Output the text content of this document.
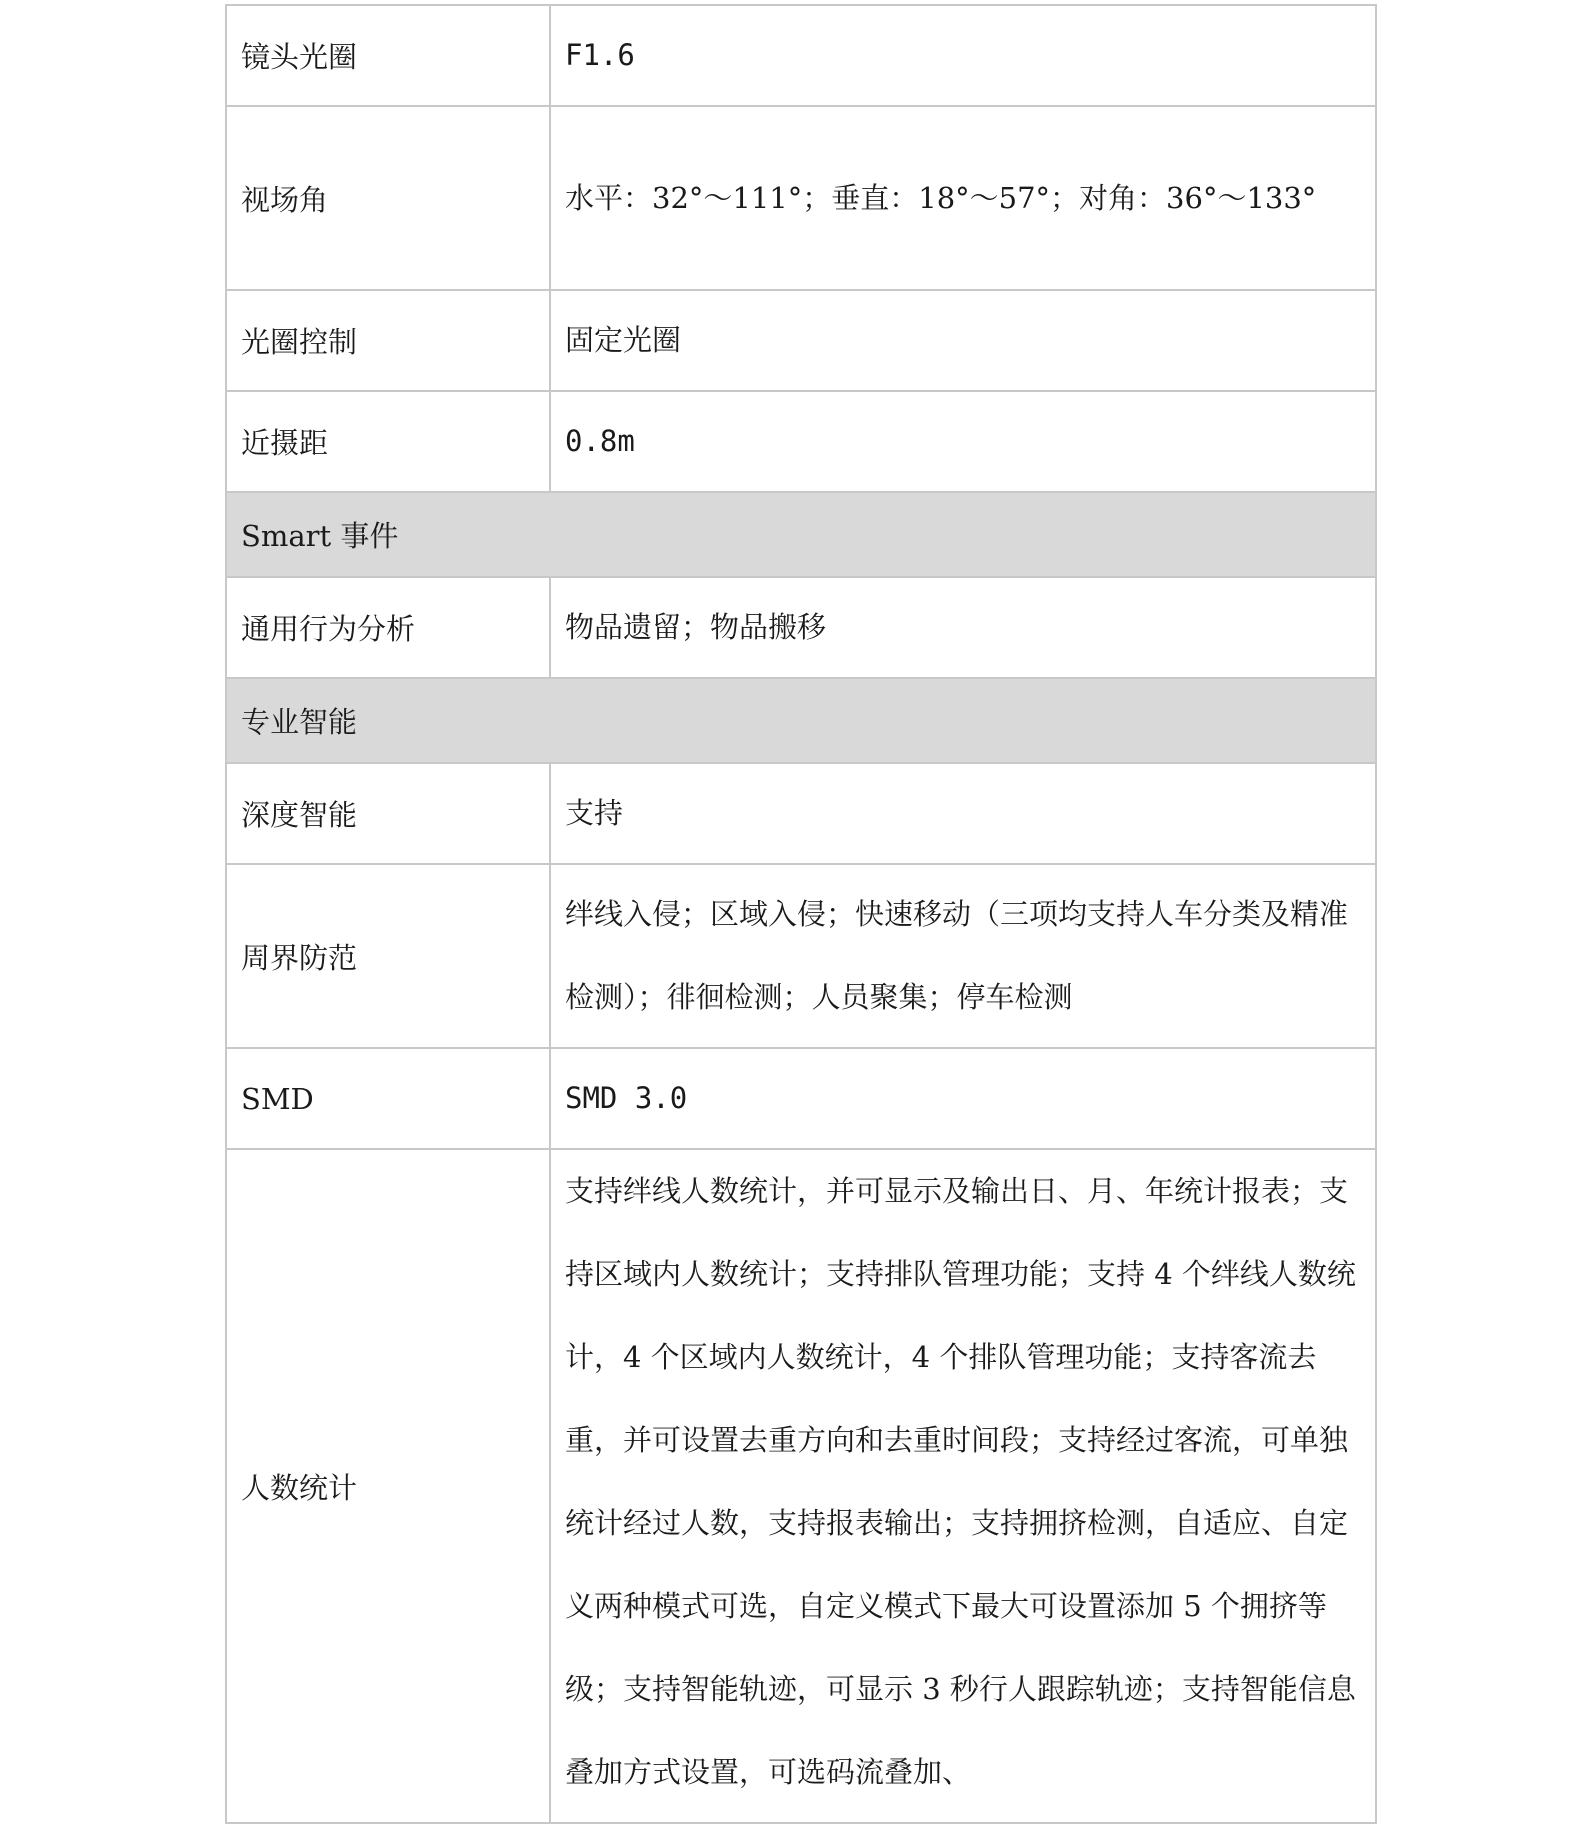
镜头光圈	F1.6
视场角	水平：32°～111°；垂直：18°～57°；对角：36°～133°
光圈控制	固定光圈
近摄距	0.8m
Smart 事件	
通用行为分析	物品遗留；物品搬移
专业智能	
深度智能	支持
周界防范	绊线入侵；区域入侵；快速移动（三项均支持人车分类及精准检测）；徘徊检测；人员聚集；停车检测
SMD	SMD 3.0
人数统计	支持绊线人数统计，并可显示及输出日、月、年统计报表；支持区域内人数统计；支持排队管理功能；支持 4 个绊线人数统计，4 个区域内人数统计，4 个排队管理功能；支持客流去重，并可设置去重方向和去重时间段；支持经过客流，可单独统计经过人数，支持报表输出；支持拥挤检测，自适应、自定义两种模式可选，自定义模式下最大可设置添加 5 个拥挤等级；支持智能轨迹，可显示 3 秒行人跟踪轨迹；支持智能信息叠加方式设置，可选码流叠加、
